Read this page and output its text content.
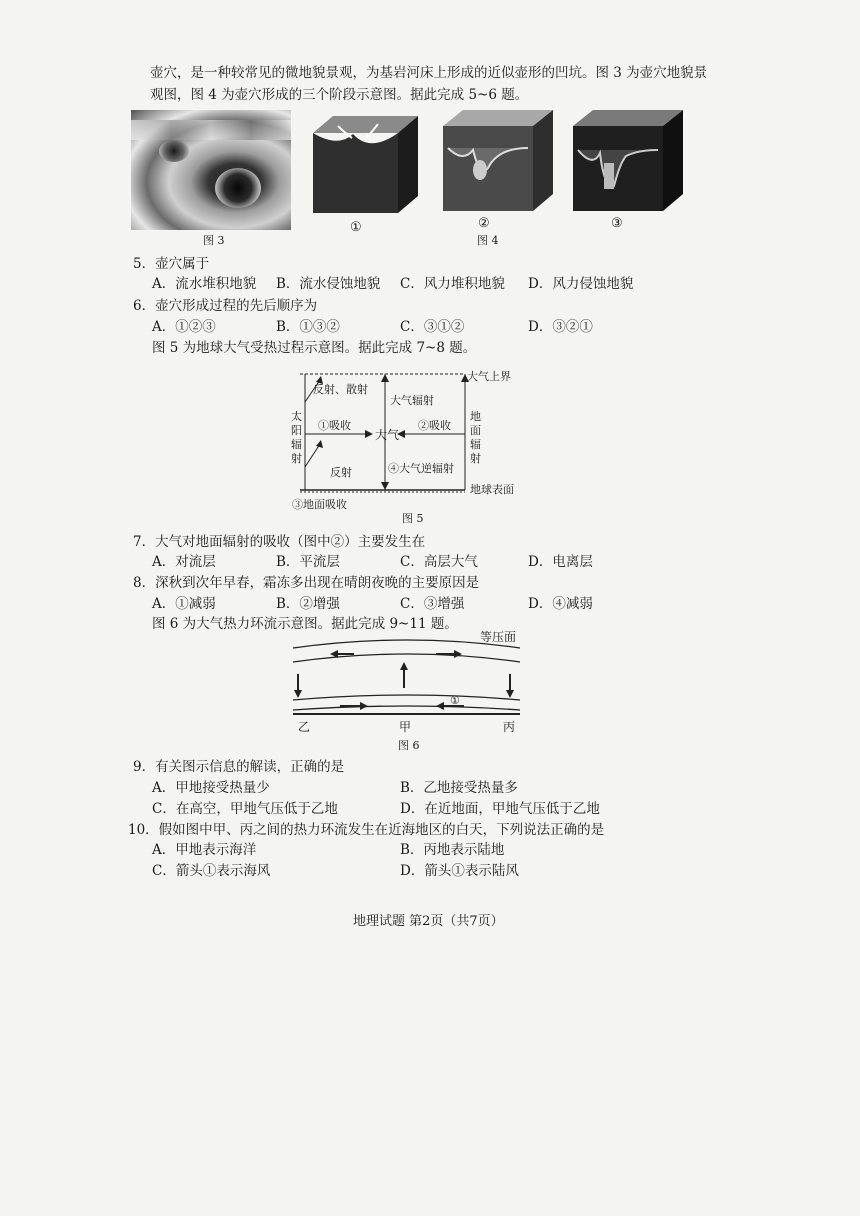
壶穴，是一种较常见的微地貌景观，为基岩河床上形成的近似壶形的凹坑。图 3 为壶穴地貌景观图，图 4 为壶穴形成的三个阶段示意图。据此完成 5~6 题。
图 3
①	②	③
图 4
5．壶穴属于
A．流水堆积地貌 B．流水侵蚀地貌 C．风力堆积地貌 D．风力侵蚀地貌
6．壶穴形成过程的先后顺序为
A．①②③	B．①③②	C．③①②	D．③②①
图 5 为地球大气受热过程示意图。据此完成 7~8 题。
大气上界
反射、散射
大气辐射
太阳辐射
地面辐射
①吸收
大气
②吸收
反射	④大气逆辐射
③地面吸收
地球表面
图 5
7．大气对地面辐射的吸收（图中②）主要发生在
A．对流层	B．平流层	C．高层大气	D．电离层
8．深秋到次年早春，霜冻多出现在晴朗夜晚的主要原因是
A．①减弱	B．②增强	C．③增强	D．④减弱
图 6 为大气热力环流示意图。据此完成 9~11 题。
等压面
①
乙	甲	丙
图 6
9．有关图示信息的解读，正确的是
A．甲地接受热量少	B．乙地接受热量多
C．在高空，甲地气压低于乙地	D．在近地面，甲地气压低于乙地
10．假如图中甲、丙之间的热力环流发生在近海地区的白天，下列说法正确的是
A．甲地表示海洋	B．丙地表示陆地
C．箭头①表示海风	D．箭头①表示陆风
地理试题 第2页（共7页）
